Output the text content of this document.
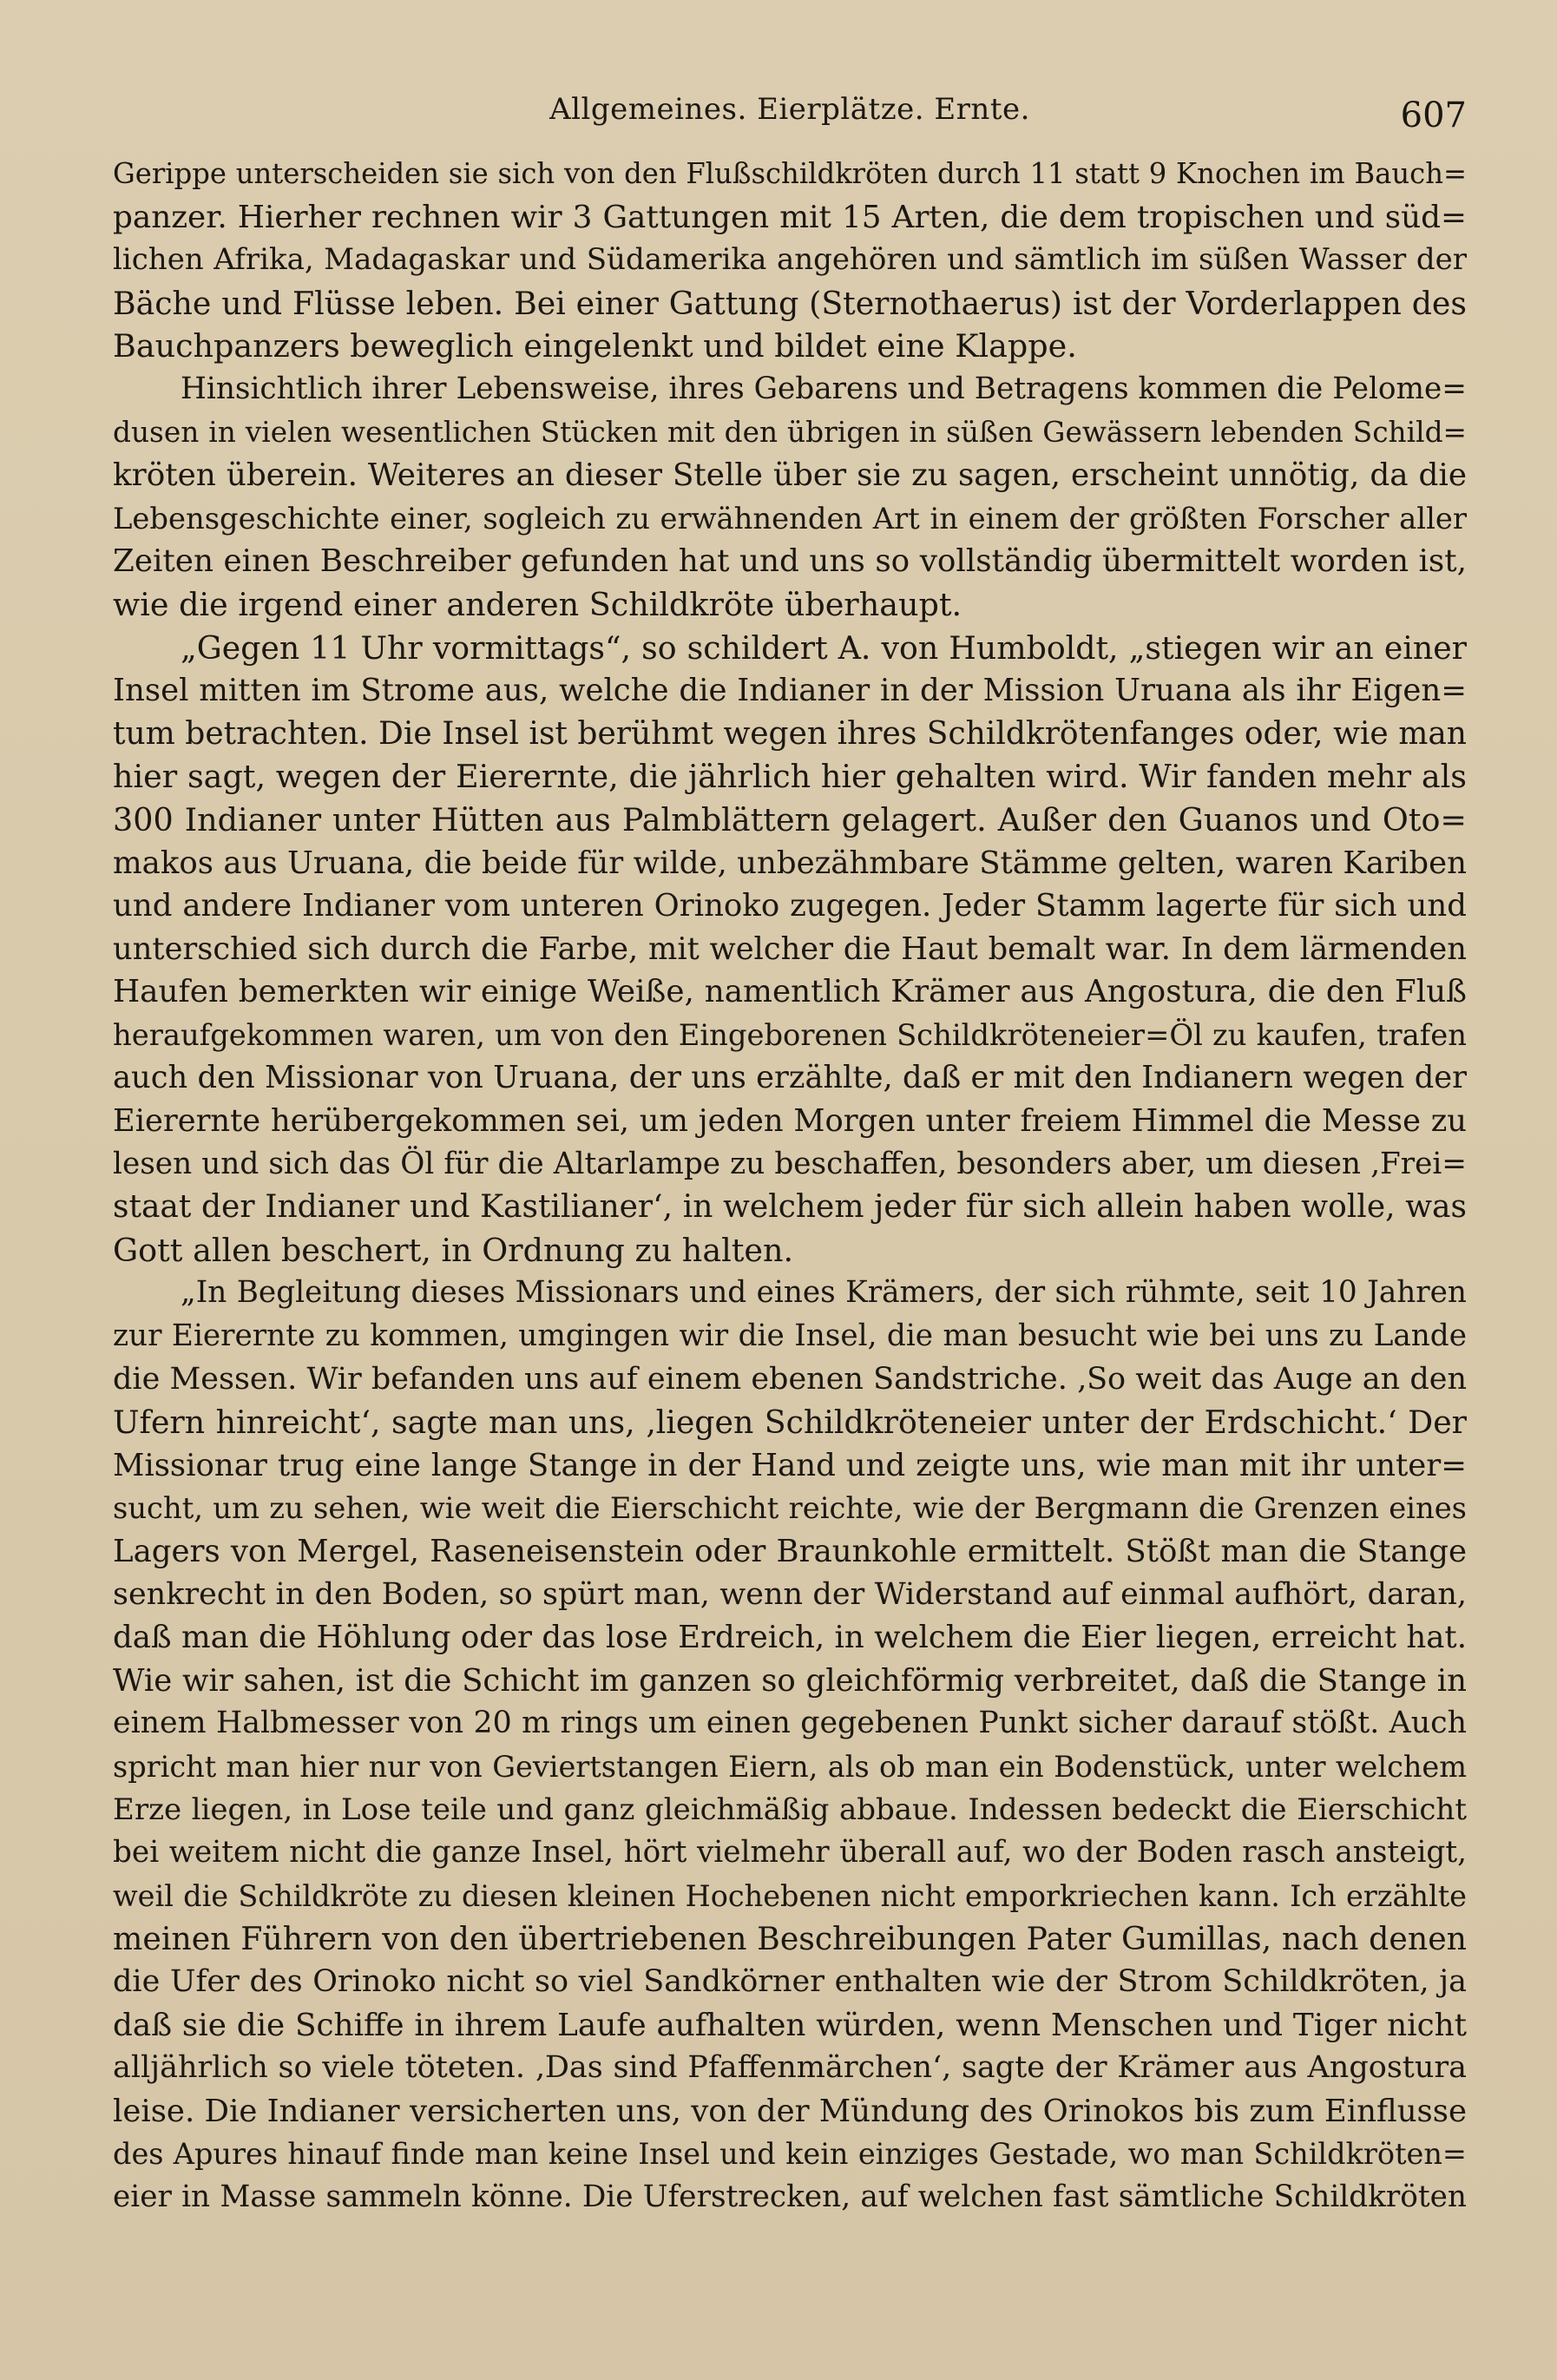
Allgemeines. Eierplätze. Ernte.	607

Gerippe unterscheiden sie sich von den Flußschildkröten durch 11 statt 9 Knochen im Bauch=
panzer. Hierher rechnen wir 3 Gattungen mit 15 Arten, die dem tropischen und süd=
lichen Afrika, Madagaskar und Südamerika angehören und sämtlich im süßen Wasser der
Bäche und Flüsse leben. Bei einer Gattung (Sternothaerus) ist der Vorderlappen des
Bauchpanzers beweglich eingelenkt und bildet eine Klappe.

Hinsichtlich ihrer Lebensweise, ihres Gebarens und Betragens kommen die Pelome=
dusen in vielen wesentlichen Stücken mit den übrigen in süßen Gewässern lebenden Schild=
kröten überein. Weiteres an dieser Stelle über sie zu sagen, erscheint unnötig, da die
Lebensgeschichte einer, sogleich zu erwähnenden Art in einem der größten Forscher aller
Zeiten einen Beschreiber gefunden hat und uns so vollständig übermittelt worden ist,
wie die irgend einer anderen Schildkröte überhaupt.

„Gegen 11 Uhr vormittags“, so schildert A. von Humboldt, „stiegen wir an einer
Insel mitten im Strome aus, welche die Indianer in der Mission Uruana als ihr Eigen=
tum betrachten. Die Insel ist berühmt wegen ihres Schildkrötenfanges oder, wie man
hier sagt, wegen der Eierernte, die jährlich hier gehalten wird. Wir fanden mehr als
300 Indianer unter Hütten aus Palmblättern gelagert. Außer den Guanos und Oto=
makos aus Uruana, die beide für wilde, unbezähmbare Stämme gelten, waren Kariben
und andere Indianer vom unteren Orinoko zugegen. Jeder Stamm lagerte für sich und
unterschied sich durch die Farbe, mit welcher die Haut bemalt war. In dem lärmenden
Haufen bemerkten wir einige Weiße, namentlich Krämer aus Angostura, die den Fluß
heraufgekommen waren, um von den Eingeborenen Schildkröteneier=Öl zu kaufen, trafen
auch den Missionar von Uruana, der uns erzählte, daß er mit den Indianern wegen der
Eierernte herübergekommen sei, um jeden Morgen unter freiem Himmel die Messe zu
lesen und sich das Öl für die Altarlampe zu beschaffen, besonders aber, um diesen ‚Frei=
staat der Indianer und Kastilianer‘, in welchem jeder für sich allein haben wolle, was
Gott allen beschert, in Ordnung zu halten.

„In Begleitung dieses Missionars und eines Krämers, der sich rühmte, seit 10 Jahren
zur Eierernte zu kommen, umgingen wir die Insel, die man besucht wie bei uns zu Lande
die Messen. Wir befanden uns auf einem ebenen Sandstriche. ‚So weit das Auge an den
Ufern hinreicht‘, sagte man uns, ‚liegen Schildkröteneier unter der Erdschicht.‘ Der
Missionar trug eine lange Stange in der Hand und zeigte uns, wie man mit ihr unter=
sucht, um zu sehen, wie weit die Eierschicht reichte, wie der Bergmann die Grenzen eines
Lagers von Mergel, Raseneisenstein oder Braunkohle ermittelt. Stößt man die Stange
senkrecht in den Boden, so spürt man, wenn der Widerstand auf einmal aufhört, daran,
daß man die Höhlung oder das lose Erdreich, in welchem die Eier liegen, erreicht hat.
Wie wir sahen, ist die Schicht im ganzen so gleichförmig verbreitet, daß die Stange in
einem Halbmesser von 20 m rings um einen gegebenen Punkt sicher darauf stößt. Auch
spricht man hier nur von Geviertstangen Eiern, als ob man ein Bodenstück, unter welchem
Erze liegen, in Lose teile und ganz gleichmäßig abbaue. Indessen bedeckt die Eierschicht
bei weitem nicht die ganze Insel, hört vielmehr überall auf, wo der Boden rasch ansteigt,
weil die Schildkröte zu diesen kleinen Hochebenen nicht emporkriechen kann. Ich erzählte
meinen Führern von den übertriebenen Beschreibungen Pater Gumillas, nach denen
die Ufer des Orinoko nicht so viel Sandkörner enthalten wie der Strom Schildkröten, ja
daß sie die Schiffe in ihrem Laufe aufhalten würden, wenn Menschen und Tiger nicht
alljährlich so viele töteten. ‚Das sind Pfaffenmärchen‘, sagte der Krämer aus Angostura
leise. Die Indianer versicherten uns, von der Mündung des Orinokos bis zum Einflusse
des Apures hinauf finde man keine Insel und kein einziges Gestade, wo man Schildkröten=
eier in Masse sammeln könne. Die Uferstrecken, auf welchen fast sämtliche Schildkröten
